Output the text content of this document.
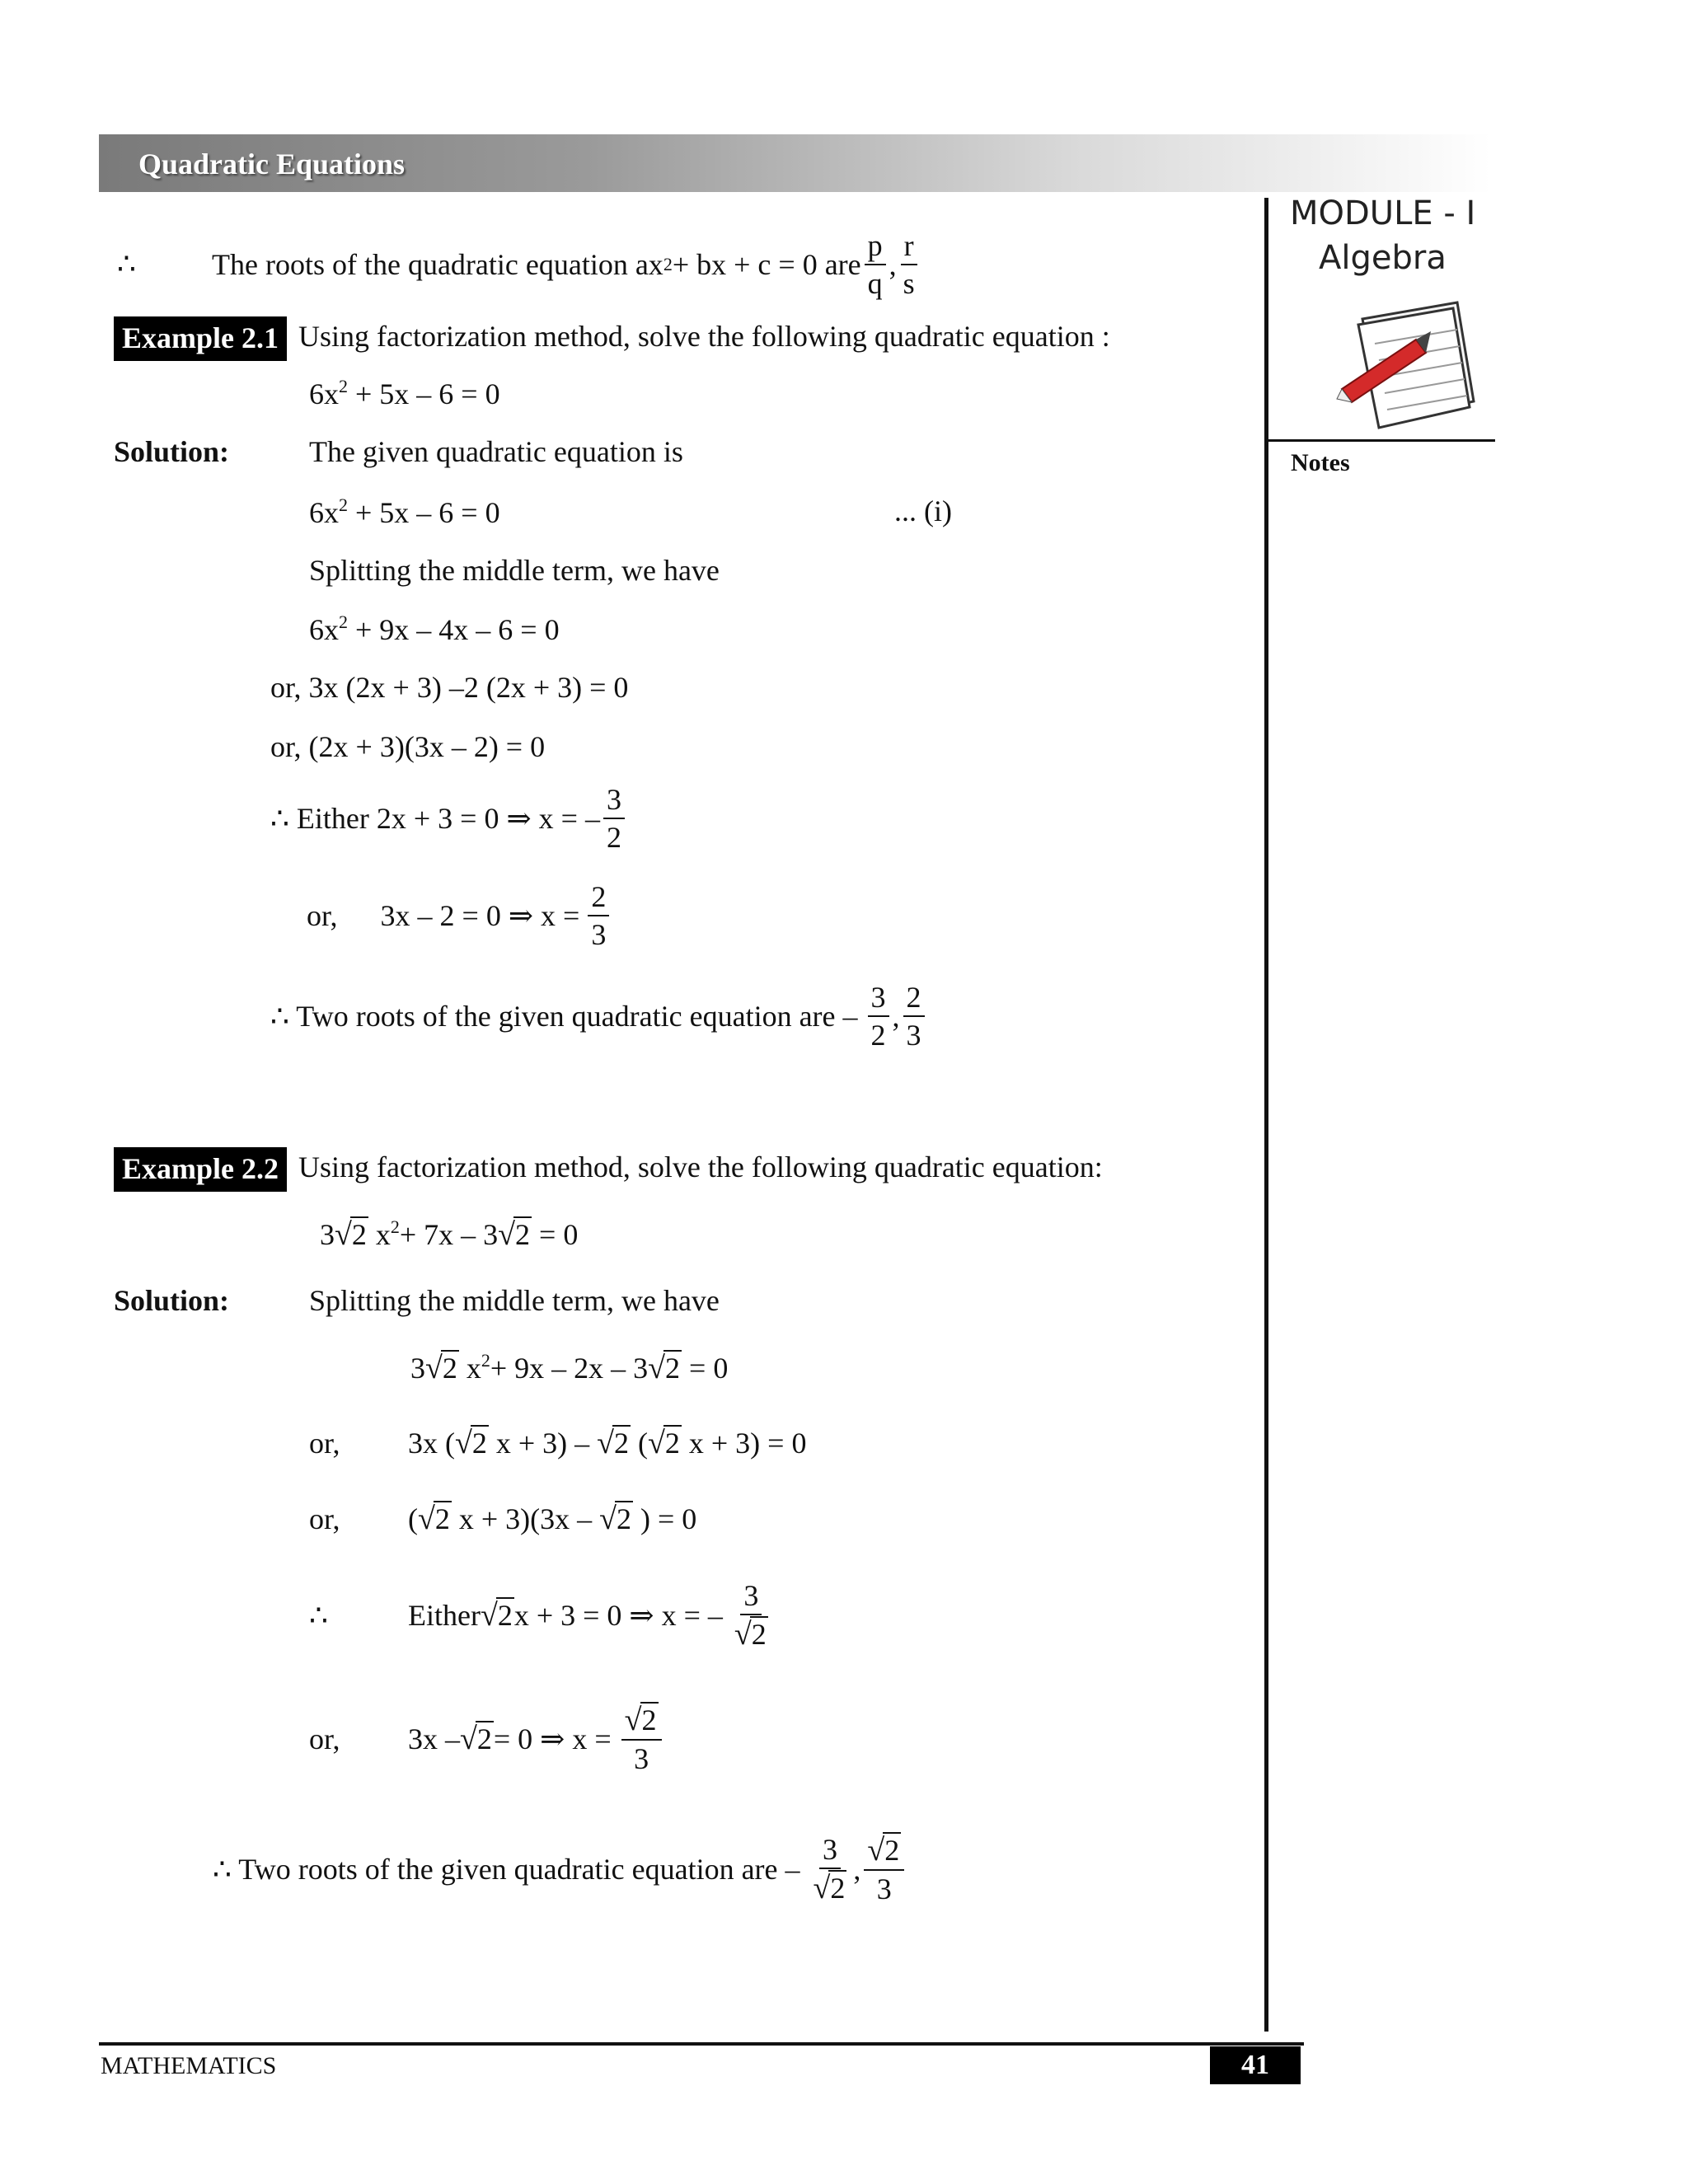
Quadratic Equations
MODULE - I
Algebra
Notes
∴	The roots of the quadratic equation ax 2 + bx + c = 0 are $\frac{p}{q}$ , $\frac{r}{s}$
Example 2.1 Using factorization method, solve the following quadratic equation :
$6x^2 + 5x - 6 = 0$
Solution:	The given quadratic equation is
$6x^2 + 5x - 6 = 0$	... (i)
Splitting the middle term, we have
$6x^2 + 9x - 4x - 6 = 0$
or, 3x (2x + 3) –2 (2x + 3) = 0
or, (2x + 3)(3x – 2) = 0
∴ Either 2x + 3 = 0 ⇒ x = – $\frac{3}{2}$
or, 3x – 2 = 0 ⇒ $x = \frac{2}{3}$
∴ Two roots of the given quadratic equation are – $\frac{3}{2}$ , $\frac{2}{3}$
Example 2.2 Using factorization method, solve the following quadratic equation:
3√2 $x^2+ 7x - 3√2 = 0$
Solution:	Splitting the middle term, we have
3√2 $x^2+ 9x - 2x - 3√2 = 0$
or, 3x (√2 x + 3) – √2 (√2 x + 3) = 0
or, (√2 x + 3)(3x – √2 ) = 0
∴	Either √2 x + 3 = 0 ⇒ x = – $\frac{3}{√2}$
or,	3x – √2 = 0 ⇒ $x = \frac{√2}{3}$
∴ Two roots of the given quadratic equation are – $\frac{3}{√2}$ , $\frac{√2}{3}$
MATHEMATICS	41
